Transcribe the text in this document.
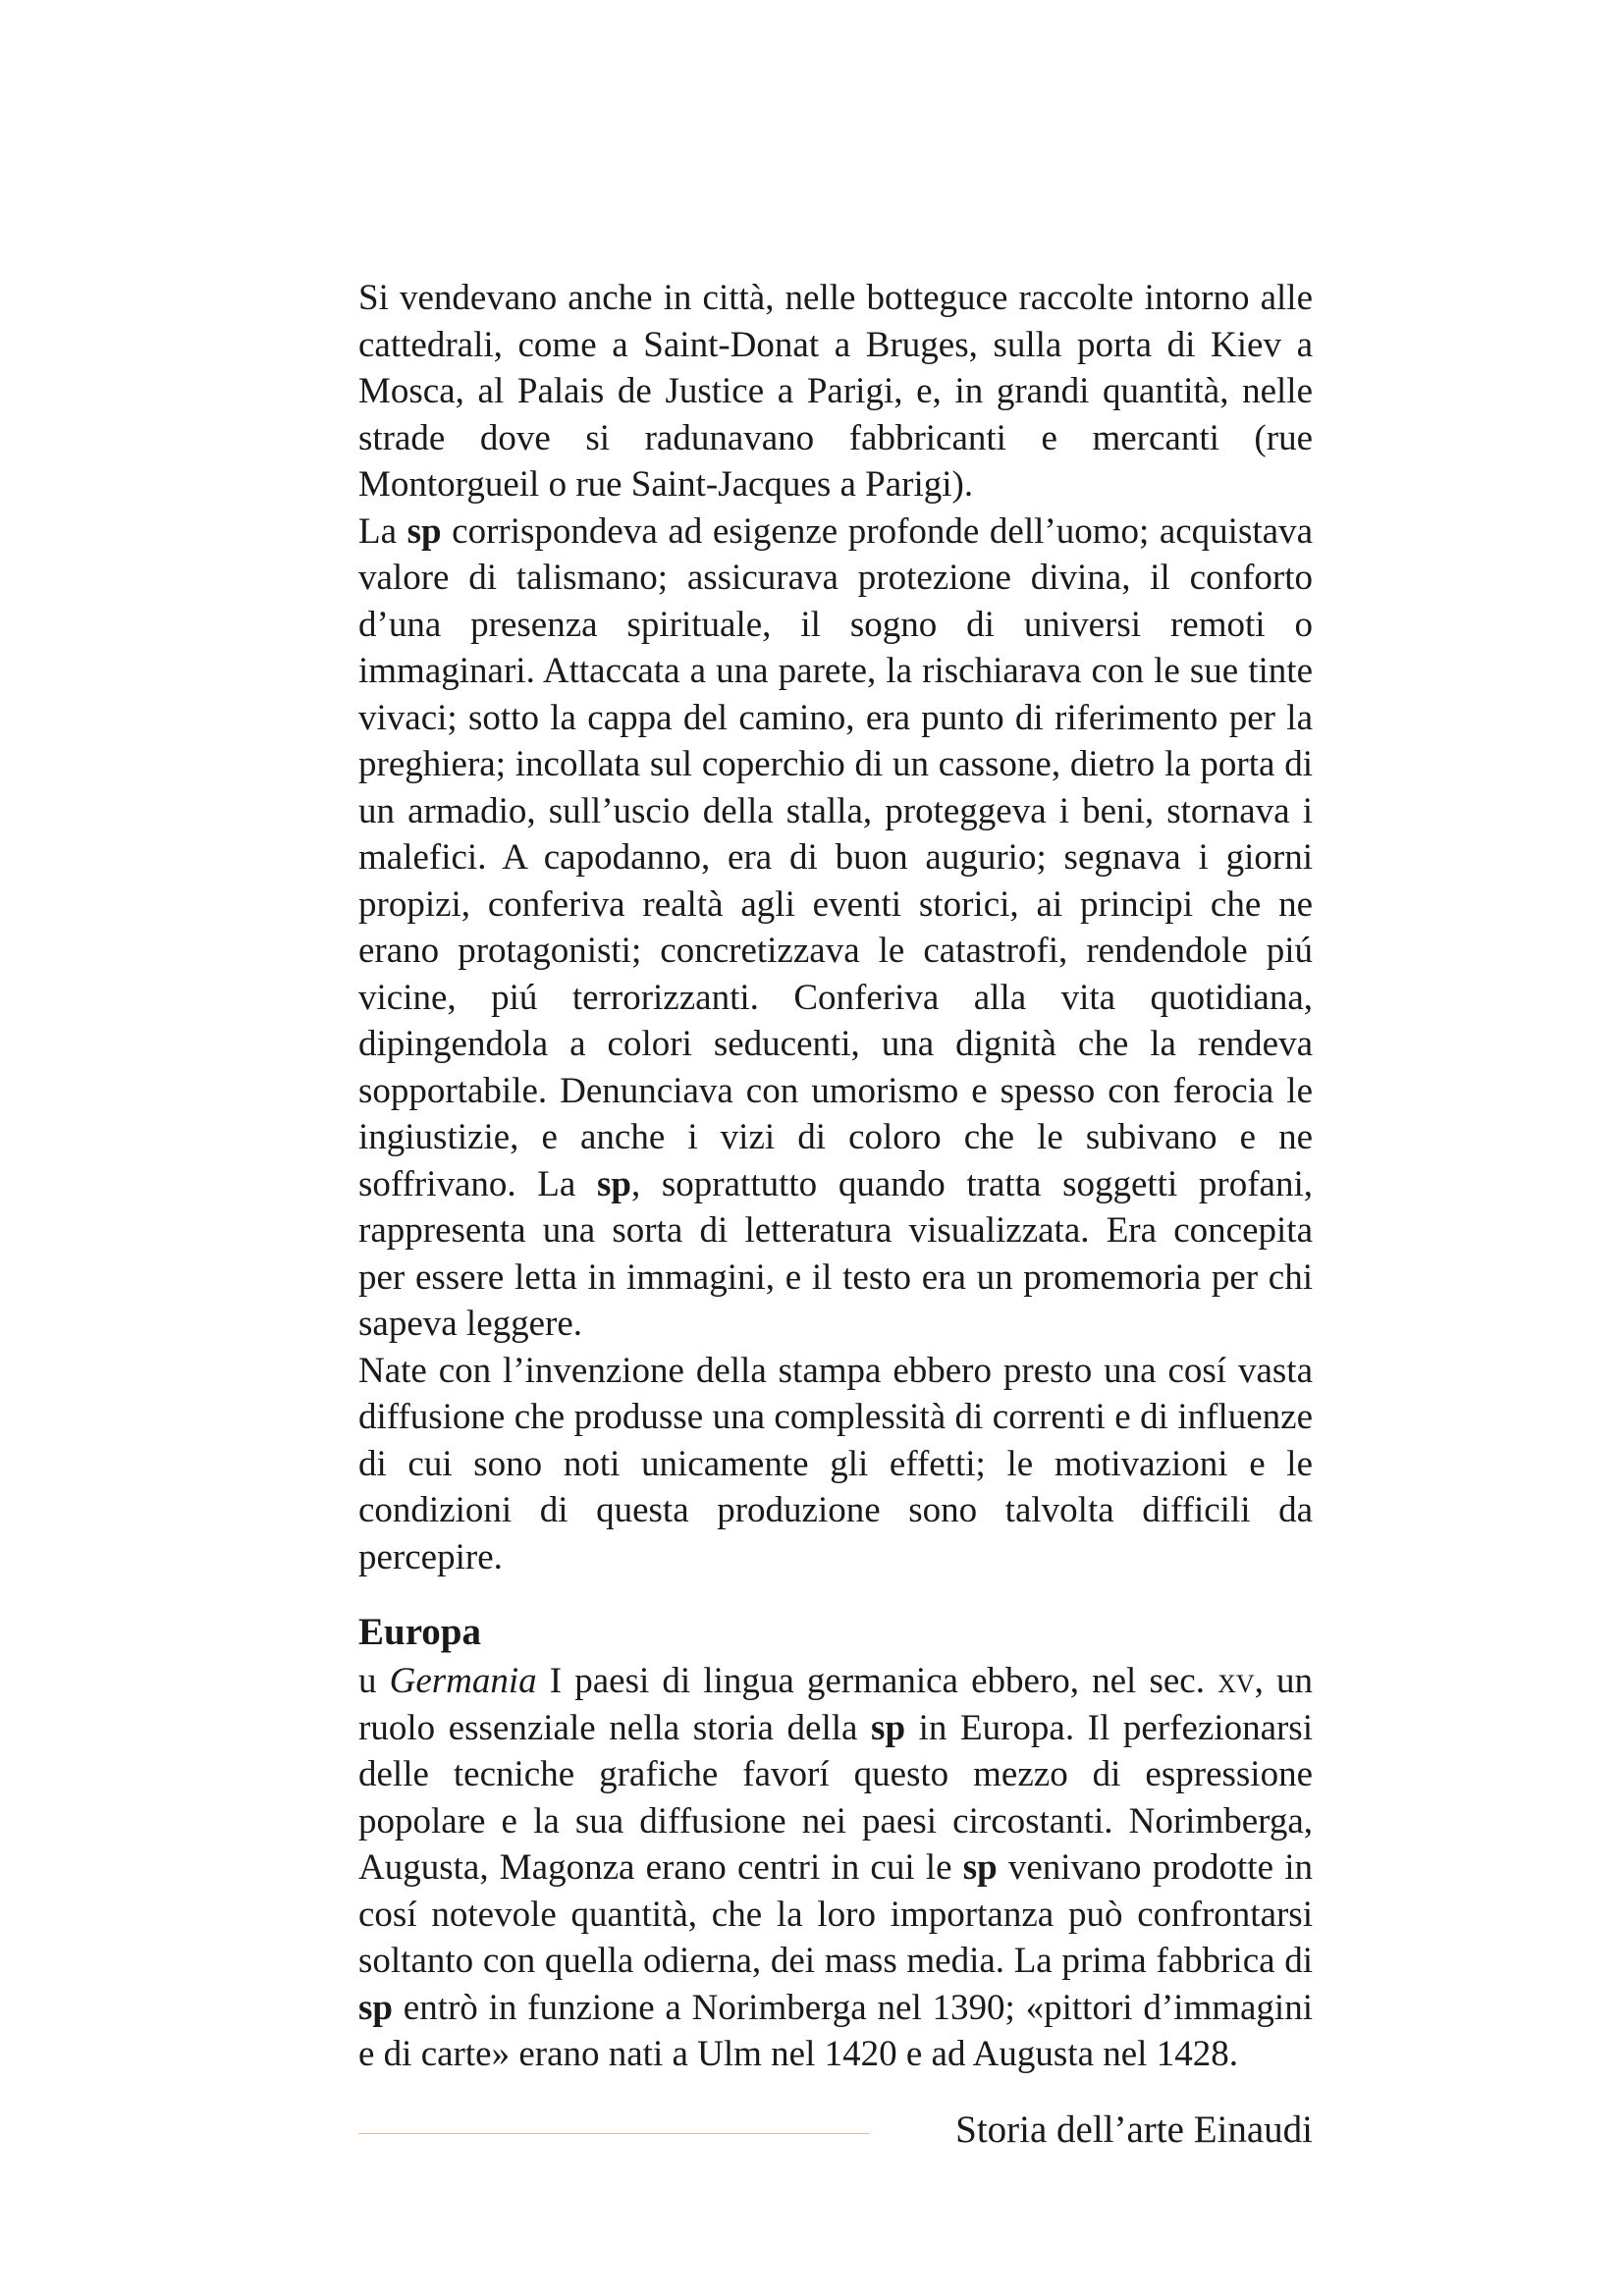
Si vendevano anche in città, nelle botteguce raccolte intorno alle cattedrali, come a Saint-Donat a Bruges, sulla porta di Kiev a Mosca, al Palais de Justice a Parigi, e, in grandi quantità, nelle strade dove si radunavano fabbricanti e mercanti (rue Montorgueil o rue Saint-Jacques a Parigi).

La sp corrispondeva ad esigenze profonde dell’uomo; acquistava valore di talismano; assicurava protezione divina, il conforto d’una presenza spirituale, il sogno di universi remoti o immaginari. Attaccata a una parete, la rischiarava con le sue tinte vivaci; sotto la cappa del camino, era punto di riferimento per la preghiera; incollata sul coperchio di un cassone, dietro la porta di un armadio, sull’uscio della stalla, proteggeva i beni, stornava i malefici. A capodanno, era di buon augurio; segnava i giorni propizi, conferiva realtà agli eventi storici, ai principi che ne erano protagonisti; concretizzava le catastrofi, rendendole piú vicine, piú terrorizzanti. Conferiva alla vita quotidiana, dipingendola a colori seducenti, una dignità che la rendeva sopportabile. Denunciava con umorismo e spesso con ferocia le ingiustizie, e anche i vizi di coloro che le subivano e ne soffrivano. La sp, soprattutto quando tratta soggetti profani, rappresenta una sorta di letteratura visualizzata. Era concepita per essere letta in immagini, e il testo era un promemoria per chi sapeva leggere.

Nate con l’invenzione della stampa ebbero presto una cosí vasta diffusione che produsse una complessità di correnti e di influenze di cui sono noti unicamente gli effetti; le motivazioni e le condizioni di questa produzione sono talvolta difficili da percepire.

Europa

u Germania I paesi di lingua germanica ebbero, nel sec. xv, un ruolo essenziale nella storia della sp in Europa. Il perfezionarsi delle tecniche grafiche favorí questo mezzo di espressione popolare e la sua diffusione nei paesi circostanti. Norimberga, Augusta, Magonza erano centri in cui le sp venivano prodotte in cosí notevole quantità, che la loro importanza può confrontarsi soltanto con quella odierna, dei mass media. La prima fabbrica di sp entrò in funzione a Norimberga nel 1390; «pittori d’immagini e di carte» erano nati a Ulm nel 1420 e ad Augusta nel 1428.

Storia dell’arte Einaudi
